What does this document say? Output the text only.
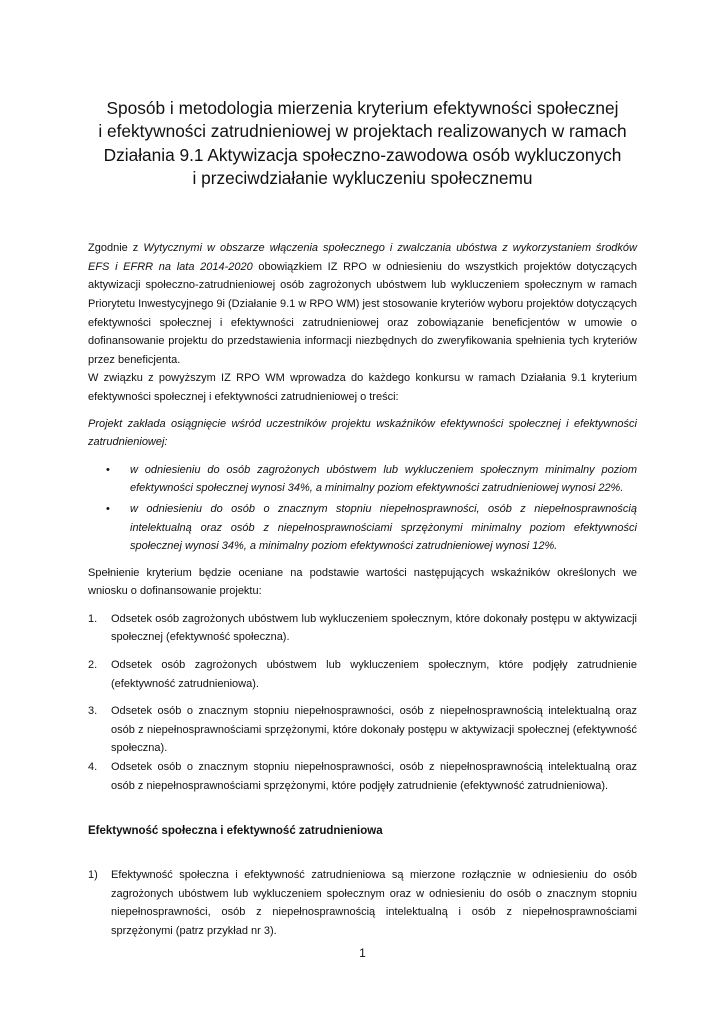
Sposób i metodologia mierzenia kryterium efektywności społecznej
i efektywności zatrudnieniowej w projektach realizowanych w ramach
Działania 9.1 Aktywizacja społeczno-zawodowa osób wykluczonych
i przeciwdziałanie wykluczeniu społecznemu

Zgodnie z Wytycznymi w obszarze włączenia społecznego i zwalczania ubóstwa z wykorzystaniem środków EFS i EFRR na lata 2014-2020 obowiązkiem IZ RPO w odniesieniu do wszystkich projektów dotyczących aktywizacji społeczno-zatrudnieniowej osób zagrożonych ubóstwem lub wykluczeniem społecznym w ramach Priorytetu Inwestycyjnego 9i (Działanie 9.1 w RPO WM) jest stosowanie kryteriów wyboru projektów dotyczących efektywności społecznej i efektywności zatrudnieniowej oraz zobowiązanie beneficjentów w umowie o dofinansowanie projektu do przedstawienia informacji niezbędnych do zweryfikowania spełnienia tych kryteriów przez beneficjenta.

W związku z powyższym IZ RPO WM wprowadza do każdego konkursu w ramach Działania 9.1 kryterium efektywności społecznej i efektywności zatrudnieniowej o treści:

Projekt zakłada osiągnięcie wśród uczestników projektu wskaźników efektywności społecznej i efektywności zatrudnieniowej:

• w odniesieniu do osób zagrożonych ubóstwem lub wykluczeniem społecznym minimalny poziom efektywności społecznej wynosi 34%, a minimalny poziom efektywności zatrudnieniowej wynosi 22%.
• w odniesieniu do osób o znacznym stopniu niepełnosprawności, osób z niepełnosprawnością intelektualną oraz osób z niepełnosprawnościami sprzężonymi minimalny poziom efektywności społecznej wynosi 34%, a minimalny poziom efektywności zatrudnieniowej wynosi 12%.

Spełnienie kryterium będzie oceniane na podstawie wartości następujących wskaźników określonych we wniosku o dofinansowanie projektu:

1. Odsetek osób zagrożonych ubóstwem lub wykluczeniem społecznym, które dokonały postępu w aktywizacji społecznej (efektywność społeczna).
2. Odsetek osób zagrożonych ubóstwem lub wykluczeniem społecznym, które podjęły zatrudnienie (efektywność zatrudnieniowa).
3. Odsetek osób o znacznym stopniu niepełnosprawności, osób z niepełnosprawnością intelektualną oraz osób z niepełnosprawnościami sprzężonymi, które dokonały postępu w aktywizacji społecznej (efektywność społeczna).
4. Odsetek osób o znacznym stopniu niepełnosprawności, osób z niepełnosprawnością intelektualną oraz osób z niepełnosprawnościami sprzężonymi, które podjęły zatrudnienie (efektywność zatrudnieniowa).
Efektywność społeczna i efektywność zatrudnieniowa
1) Efektywność społeczna i efektywność zatrudnieniowa są mierzone rozłącznie w odniesieniu do osób zagrożonych ubóstwem lub wykluczeniem społecznym oraz w odniesieniu do osób o znacznym stopniu niepełnosprawności, osób z niepełnosprawnością intelektualną i osób z niepełnosprawnościami sprzężonymi (patrz przykład nr 3).
1
